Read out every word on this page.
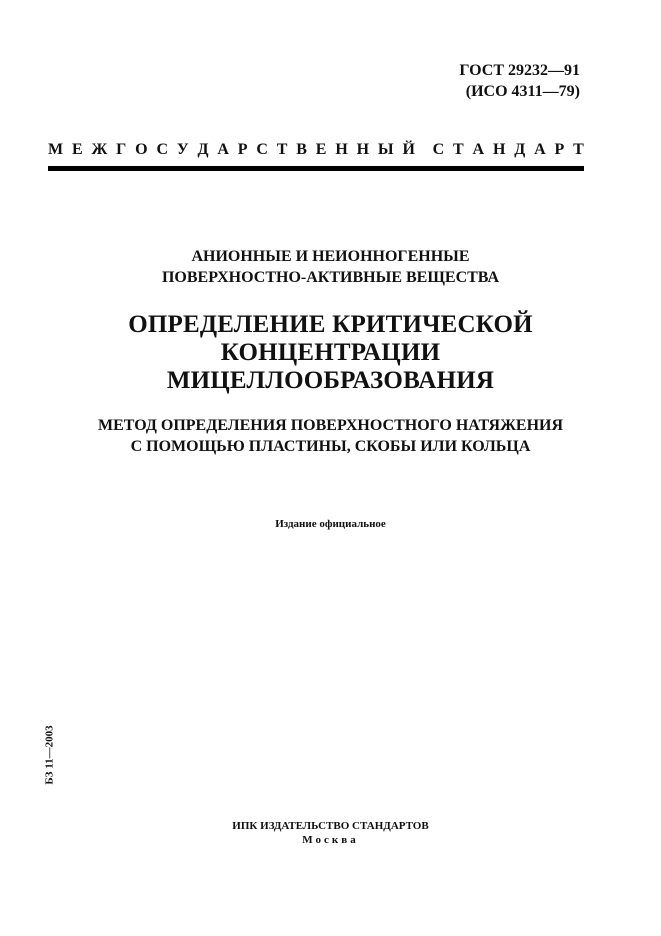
ГОСТ 29232—91
(ИСО 4311—79)
М Е Ж Г О С У Д А Р С Т В Е Н Н Ы Й С Т А Н Д А Р Т
АНИОННЫЕ И НЕИОННОГЕННЫЕ
ПОВЕРХНОСТНО-АКТИВНЫЕ ВЕЩЕСТВА
ОПРЕДЕЛЕНИЕ КРИТИЧЕСКОЙ
КОНЦЕНТРАЦИИ
МИЦЕЛЛООБРАЗОВАНИЯ
МЕТОД ОПРЕДЕЛЕНИЯ ПОВЕРХНОСТНОГО НАТЯЖЕНИЯ
С ПОМОЩЬЮ ПЛАСТИНЫ, СКОБЫ ИЛИ КОЛЬЦА
Издание официальное
БЗ 11—2003
ИПК ИЗДАТЕЛЬСТВО СТАНДАРТОВ
Москва
